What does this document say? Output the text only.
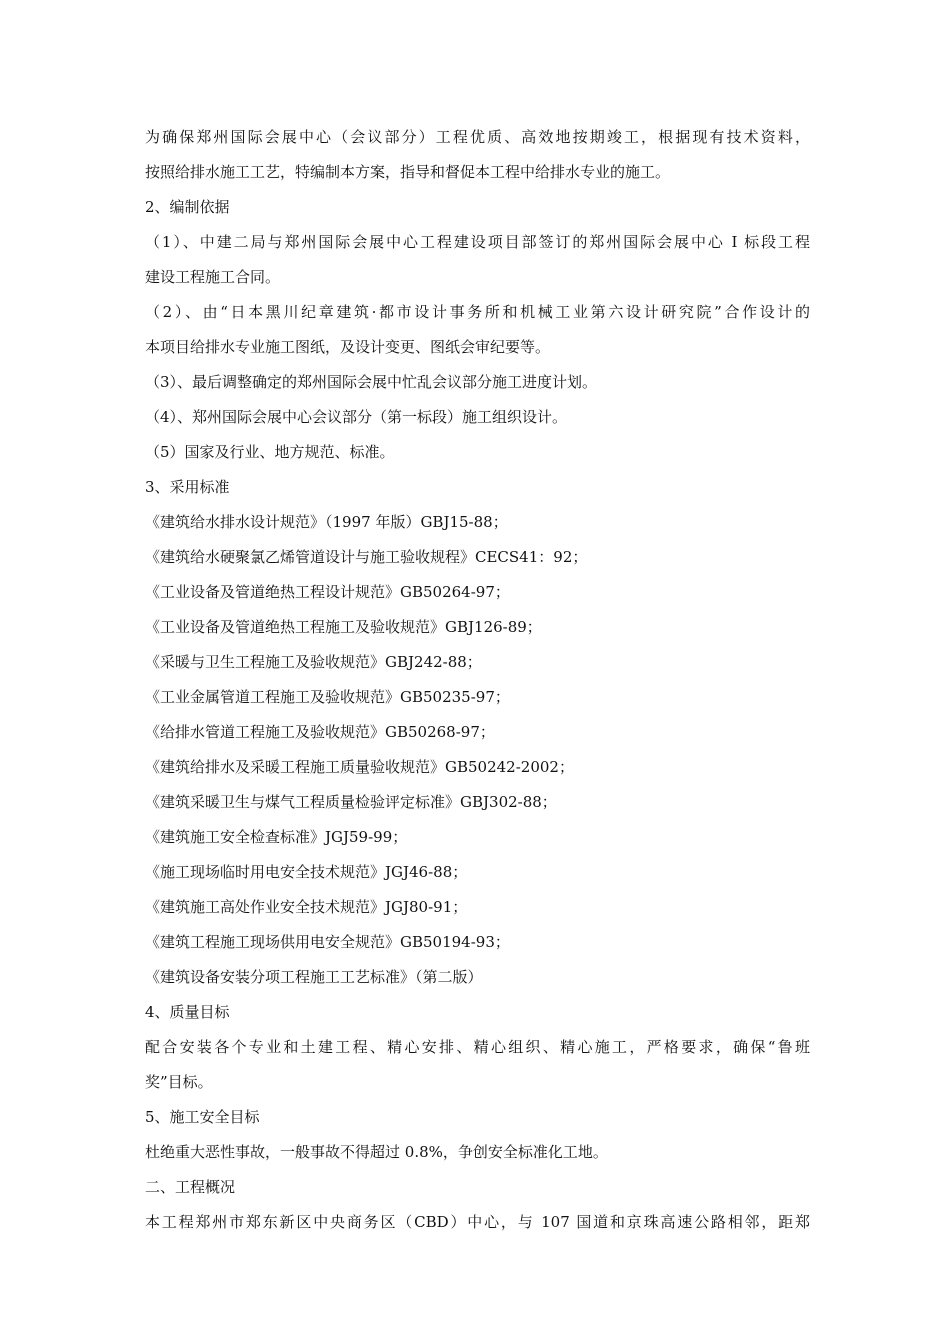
为确保郑州国际会展中心（会议部分）工程优质、高效地按期竣工，根据现有技术资料，
按照给排水施工工艺，特编制本方案，指导和督促本工程中给排水专业的施工。
2、编制依据
（1）、中建二局与郑州国际会展中心工程建设项目部签订的郑州国际会展中心 I 标段工程
建设工程施工合同。
（2）、由“日本黑川纪章建筑·都市设计事务所和机械工业第六设计研究院”合作设计的
本项目给排水专业施工图纸，及设计变更、图纸会审纪要等。
（3）、最后调整确定的郑州国际会展中忙乱会议部分施工进度计划。
（4）、郑州国际会展中心会议部分（第一标段）施工组织设计。
（5）国家及行业、地方规范、标准。
3、采用标准
《建筑给水排水设计规范》（1997 年版）GBJ15-88；
《建筑给水硬聚氯乙烯管道设计与施工验收规程》CECS41：92；
《工业设备及管道绝热工程设计规范》GB50264-97；
《工业设备及管道绝热工程施工及验收规范》GBJ126-89；
《采暖与卫生工程施工及验收规范》GBJ242-88；
《工业金属管道工程施工及验收规范》GB50235-97；
《给排水管道工程施工及验收规范》GB50268-97；
《建筑给排水及采暖工程施工质量验收规范》GB50242-2002；
《建筑采暖卫生与煤气工程质量检验评定标准》GBJ302-88；
《建筑施工安全检查标准》JGJ59-99；
《施工现场临时用电安全技术规范》JGJ46-88；
《建筑施工高处作业安全技术规范》JGJ80-91；
《建筑工程施工现场供用电安全规范》GB50194-93；
《建筑设备安装分项工程施工工艺标准》（第二版）
4、质量目标
配合安装各个专业和土建工程、精心安排、精心组织、精心施工，严格要求，确保“鲁班
奖”目标。
5、施工安全目标
杜绝重大恶性事故，一般事故不得超过 0.8%，争创安全标准化工地。
二、工程概况
本工程郑州市郑东新区中央商务区（CBD）中心，与 107 国道和京珠高速公路相邻，距郑
